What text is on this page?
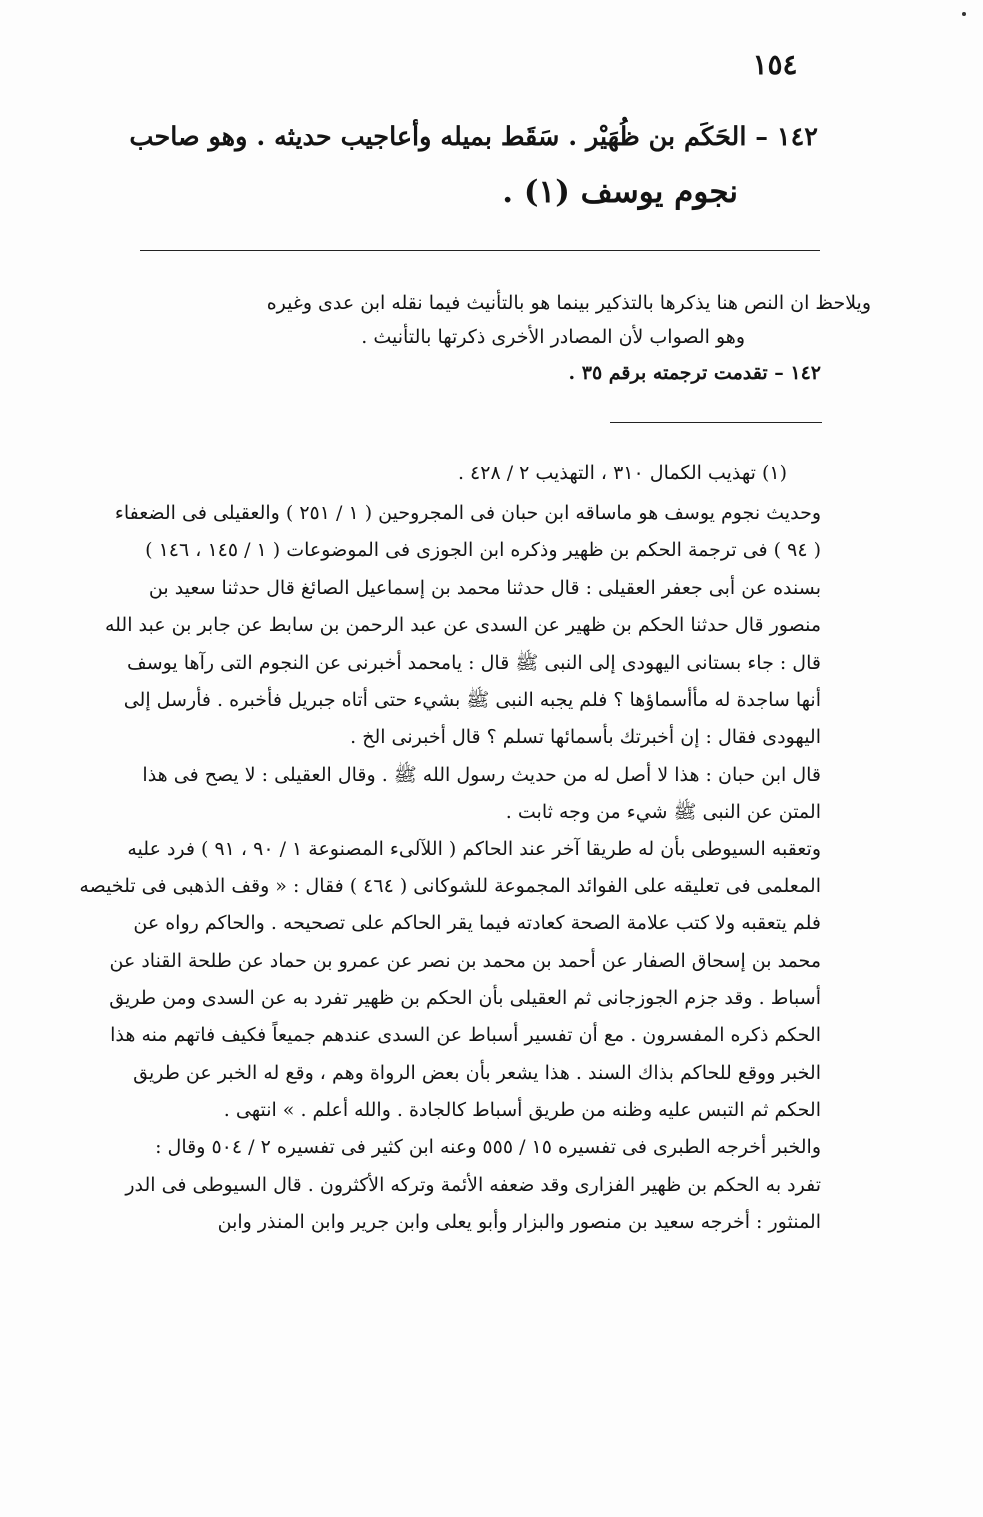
١٥٤
١٤٢ – الحَكَم بن ظُهَيْر . سَقَط بميله وأعاجيب حديثه . وهو صاحب
نجوم يوسف (١) .
ويلاحظ ان النص هنا يذكرها بالتذكير بينما هو بالتأنيث فيما نقله ابن عدى وغيره
وهو الصواب لأن المصادر الأخرى ذكرتها بالتأنيث .
١٤٢ – تقدمت ترجمته برقم ٣٥ .
(١) تهذيب الكمال ٣١٠ ، التهذيب ٢ / ٤٢٨ .
وحديث نجوم يوسف هو ماساقه ابن حبان فى المجروحين ( ١ / ٢٥١ ) والعقيلى فى الضعفاء
( ٩٤ ) فى ترجمة الحكم بن ظهير وذكره ابن الجوزى فى الموضوعات ( ١ / ١٤٥ ، ١٤٦ )
بسنده عن أبى جعفر العقيلى : قال حدثنا محمد بن إسماعيل الصائغ قال حدثنا سعيد بن
منصور قال حدثنا الحكم بن ظهير عن السدى عن عبد الرحمن بن سابط عن جابر بن عبد الله
قال : جاء بستانى اليهودى إلى النبى ﷺ قال : يامحمد أخبرنى عن النجوم التى رآها يوسف
أنها ساجدة له مأأسماؤها ؟ فلم يجبه النبى ﷺ بشيء حتى أتاه جبريل فأخبره . فأرسل إلى
اليهودى فقال : إن أخبرتك بأسمائها تسلم ؟ قال أخبرنى الخ .
قال ابن حبان : هذا لا أصل له من حديث رسول الله ﷺ . وقال العقيلى : لا يصح فى هذا
المتن عن النبى ﷺ شيء من وجه ثابت .
وتعقبه السيوطى بأن له طريقا آخر عند الحاكم ( اللآلىء المصنوعة ١ / ٩٠ ، ٩١ ) فرد عليه
المعلمى فى تعليقه على الفوائد المجموعة للشوكانى ( ٤٦٤ ) فقال : « وقف الذهبى فى تلخيصه
فلم يتعقبه ولا كتب علامة الصحة كعادته فيما يقر الحاكم على تصحيحه . والحاكم رواه عن
محمد بن إسحاق الصفار عن أحمد بن محمد بن نصر عن عمرو بن حماد عن طلحة القناد عن
أسباط . وقد جزم الجوزجانى ثم العقيلى بأن الحكم بن ظهير تفرد به عن السدى ومن طريق
الحكم ذكره المفسرون . مع أن تفسير أسباط عن السدى عندهم جميعاً فكيف فاتهم منه هذا
الخبر ووقع للحاكم بذاك السند . هذا يشعر بأن بعض الرواة وهم ، وقع له الخبر عن طريق
الحكم ثم التبس عليه وظنه من طريق أسباط كالجادة . والله أعلم . » انتهى .
والخبر أخرجه الطبرى فى تفسيره ١٥ / ٥٥٥ وعنه ابن كثير فى تفسيره ٢ / ٥٠٤ وقال :
تفرد به الحكم بن ظهير الفزارى وقد ضعفه الأئمة وتركه الأكثرون . قال السيوطى فى الدر
المنثور : أخرجه سعيد بن منصور والبزار وأبو يعلى وابن جرير وابن المنذر وابن
